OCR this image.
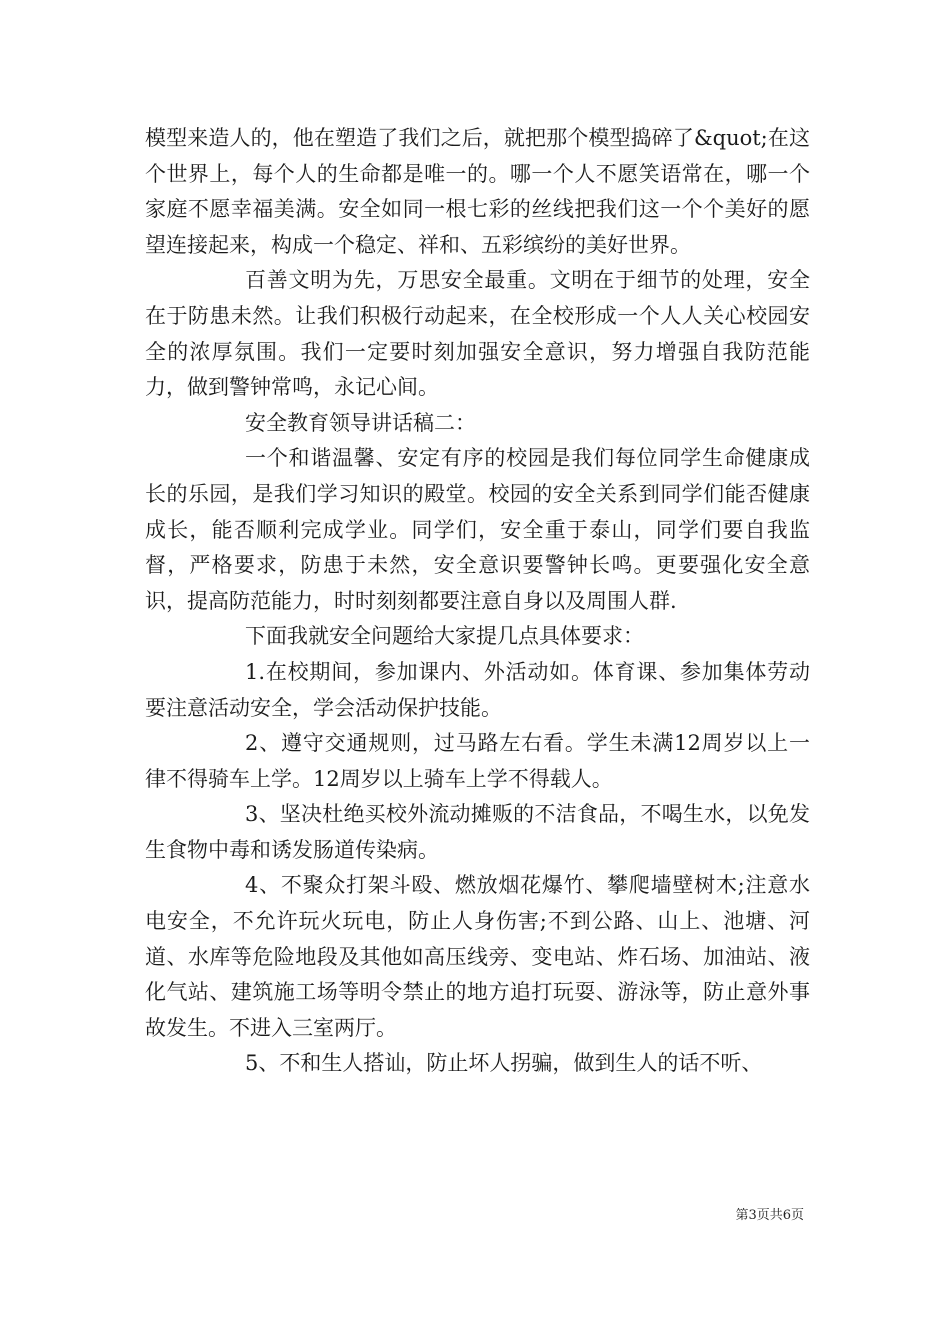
模型来造人的，他在塑造了我们之后，就把那个模型捣碎了&quot;在这个世界上，每个人的生命都是唯一的。哪一个人不愿笑语常在，哪一个家庭不愿幸福美满。安全如同一根七彩的丝线把我们这一个个美好的愿望连接起来，构成一个稳定、祥和、五彩缤纷的美好世界。

百善文明为先，万思安全最重。文明在于细节的处理，安全在于防患未然。让我们积极行动起来，在全校形成一个人人关心校园安全的浓厚氛围。我们一定要时刻加强安全意识，努力增强自我防范能力，做到警钟常鸣，永记心间。

安全教育领导讲话稿二：

一个和谐温馨、安定有序的校园是我们每位同学生命健康成长的乐园，是我们学习知识的殿堂。校园的安全关系到同学们能否健康成长，能否顺利完成学业。同学们，安全重于泰山，同学们要自我监督，严格要求，防患于未然，安全意识要警钟长鸣。更要强化安全意识，提高防范能力，时时刻刻都要注意自身以及周围人群.

下面我就安全问题给大家提几点具体要求：

1.在校期间，参加课内、外活动如。体育课、参加集体劳动要注意活动安全，学会活动保护技能。

2、遵守交通规则，过马路左右看。学生未满12周岁以上一律不得骑车上学。12周岁以上骑车上学不得载人。

3、坚决杜绝买校外流动摊贩的不洁食品，不喝生水，以免发生食物中毒和诱发肠道传染病。

4、不聚众打架斗殴、燃放烟花爆竹、攀爬墙壁树木;注意水电安全，不允许玩火玩电，防止人身伤害;不到公路、山上、池塘、河道、水库等危险地段及其他如高压线旁、变电站、炸石场、加油站、液化气站、建筑施工场等明令禁止的地方追打玩耍、游泳等，防止意外事故发生。不进入三室两厅。

5、不和生人搭讪，防止坏人拐骗，做到生人的话不听、

第3页共6页
